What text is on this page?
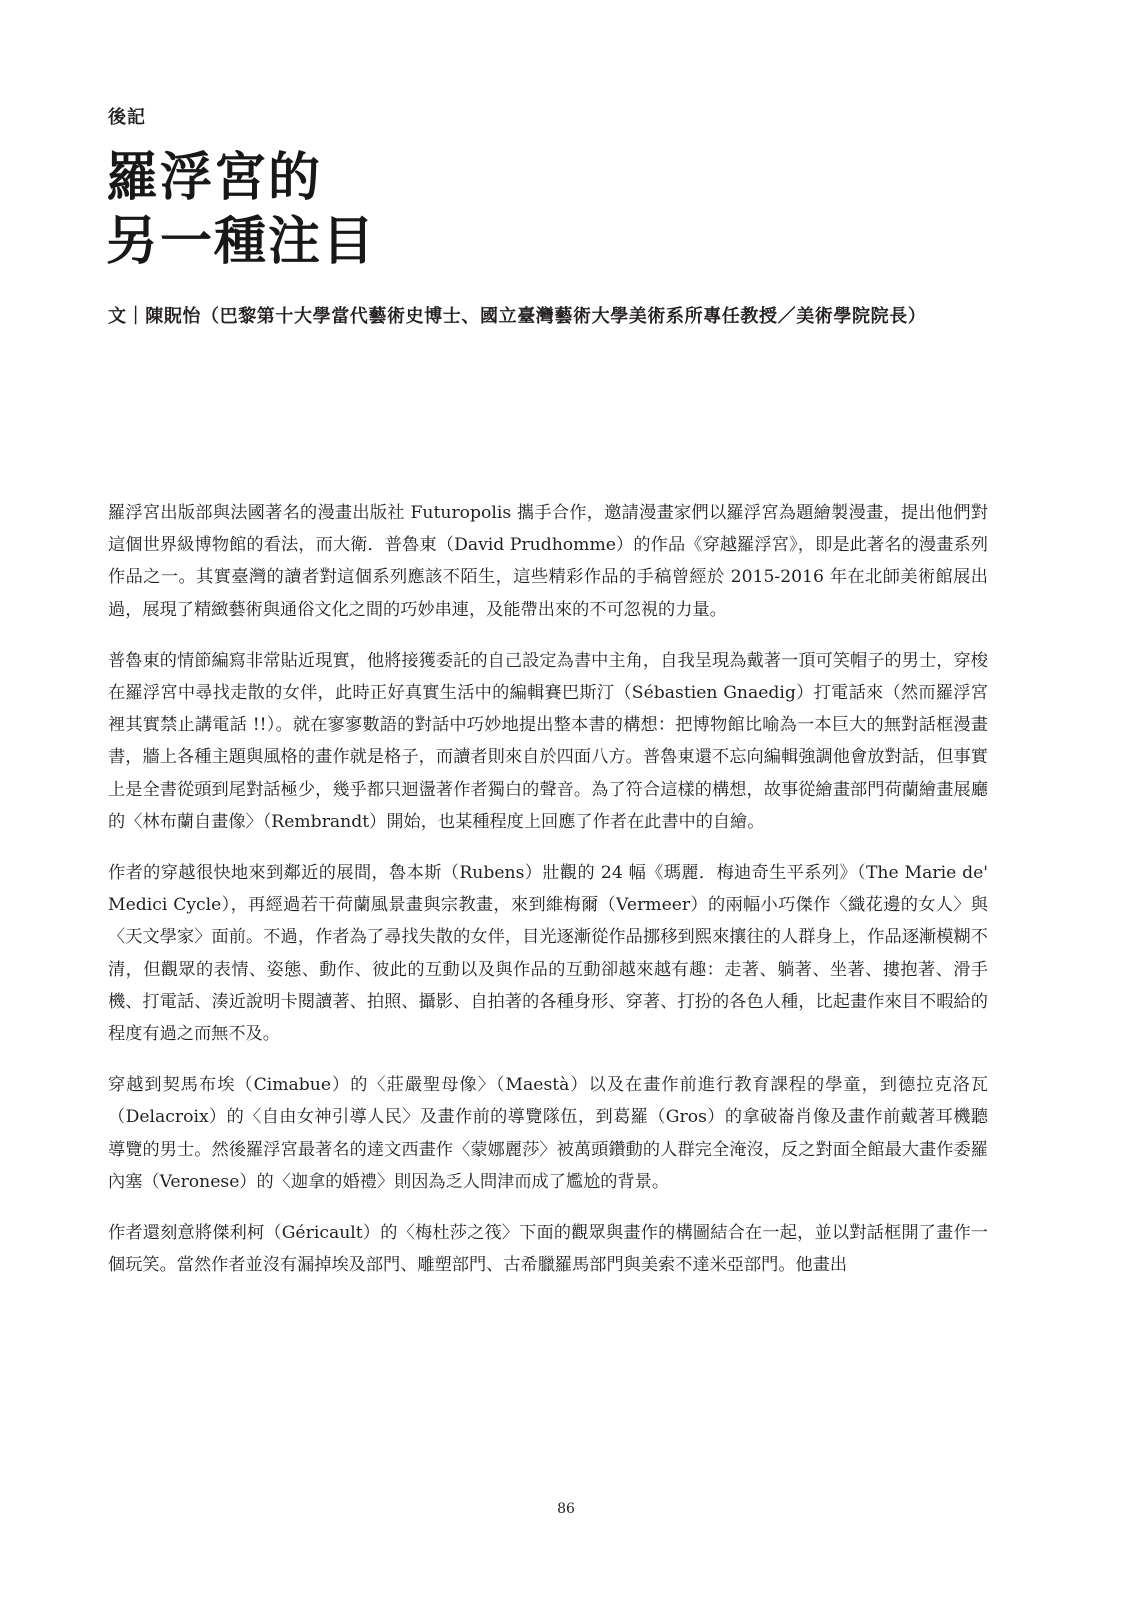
後記
羅浮宮的
另一種注目
文｜陳貺怡（巴黎第十大學當代藝術史博士、國立臺灣藝術大學美術系所專任教授／美術學院院長）

羅浮宮出版部與法國著名的漫畫出版社 Futuropolis 攜手合作，邀請漫畫家們以羅浮宮為題繪製漫畫，提出他們對這個世界級博物館的看法，而大衛．普魯東（David Prudhomme）的作品《穿越羅浮宮》，即是此著名的漫畫系列作品之一。其實臺灣的讀者對這個系列應該不陌生，這些精彩作品的手稿曾經於 2015-2016 年在北師美術館展出過，展現了精緻藝術與通俗文化之間的巧妙串連，及能帶出來的不可忽視的力量。

普魯東的情節編寫非常貼近現實，他將接獲委託的自己設定為書中主角，自我呈現為戴著一頂可笑帽子的男士，穿梭在羅浮宮中尋找走散的女伴，此時正好真實生活中的編輯賽巴斯汀（Sébastien Gnaedig）打電話來（然而羅浮宮裡其實禁止講電話 !!）。就在寥寥數語的對話中巧妙地提出整本書的構想：把博物館比喻為一本巨大的無對話框漫畫書，牆上各種主題與風格的畫作就是格子，而讀者則來自於四面八方。普魯東還不忘向編輯強調他會放對話，但事實上是全書從頭到尾對話極少，幾乎都只迴盪著作者獨白的聲音。為了符合這樣的構想，故事從繪畫部門荷蘭繪畫展廳的〈林布蘭自畫像〉（Rembrandt）開始，也某種程度上回應了作者在此書中的自繪。

作者的穿越很快地來到鄰近的展間，魯本斯（Rubens）壯觀的 24 幅《瑪麗．梅迪奇生平系列》（The Marie de' Medici Cycle），再經過若干荷蘭風景畫與宗教畫，來到維梅爾（Vermeer）的兩幅小巧傑作〈織花邊的女人〉與〈天文學家〉面前。不過，作者為了尋找失散的女伴，目光逐漸從作品挪移到熙來攘往的人群身上，作品逐漸模糊不清，但觀眾的表情、姿態、動作、彼此的互動以及與作品的互動卻越來越有趣：走著、躺著、坐著、摟抱著、滑手機、打電話、湊近說明卡閱讀著、拍照、攝影、自拍著的各種身形、穿著、打扮的各色人種，比起畫作來目不暇給的程度有過之而無不及。

穿越到契馬布埃（Cimabue）的〈莊嚴聖母像〉（Maestà）以及在畫作前進行教育課程的學童，到德拉克洛瓦（Delacroix）的〈自由女神引導人民〉及畫作前的導覽隊伍，到葛羅（Gros）的拿破崙肖像及畫作前戴著耳機聽導覽的男士。然後羅浮宮最著名的達文西畫作〈蒙娜麗莎〉被萬頭鑽動的人群完全淹沒，反之對面全館最大畫作委羅內塞（Veronese）的〈迦拿的婚禮〉則因為乏人問津而成了尷尬的背景。

作者還刻意將傑利柯（Géricault）的〈梅杜莎之筏〉下面的觀眾與畫作的構圖結合在一起，並以對話框開了畫作一個玩笑。當然作者並沒有漏掉埃及部門、雕塑部門、古希臘羅馬部門與美索不達米亞部門。他畫出

86
